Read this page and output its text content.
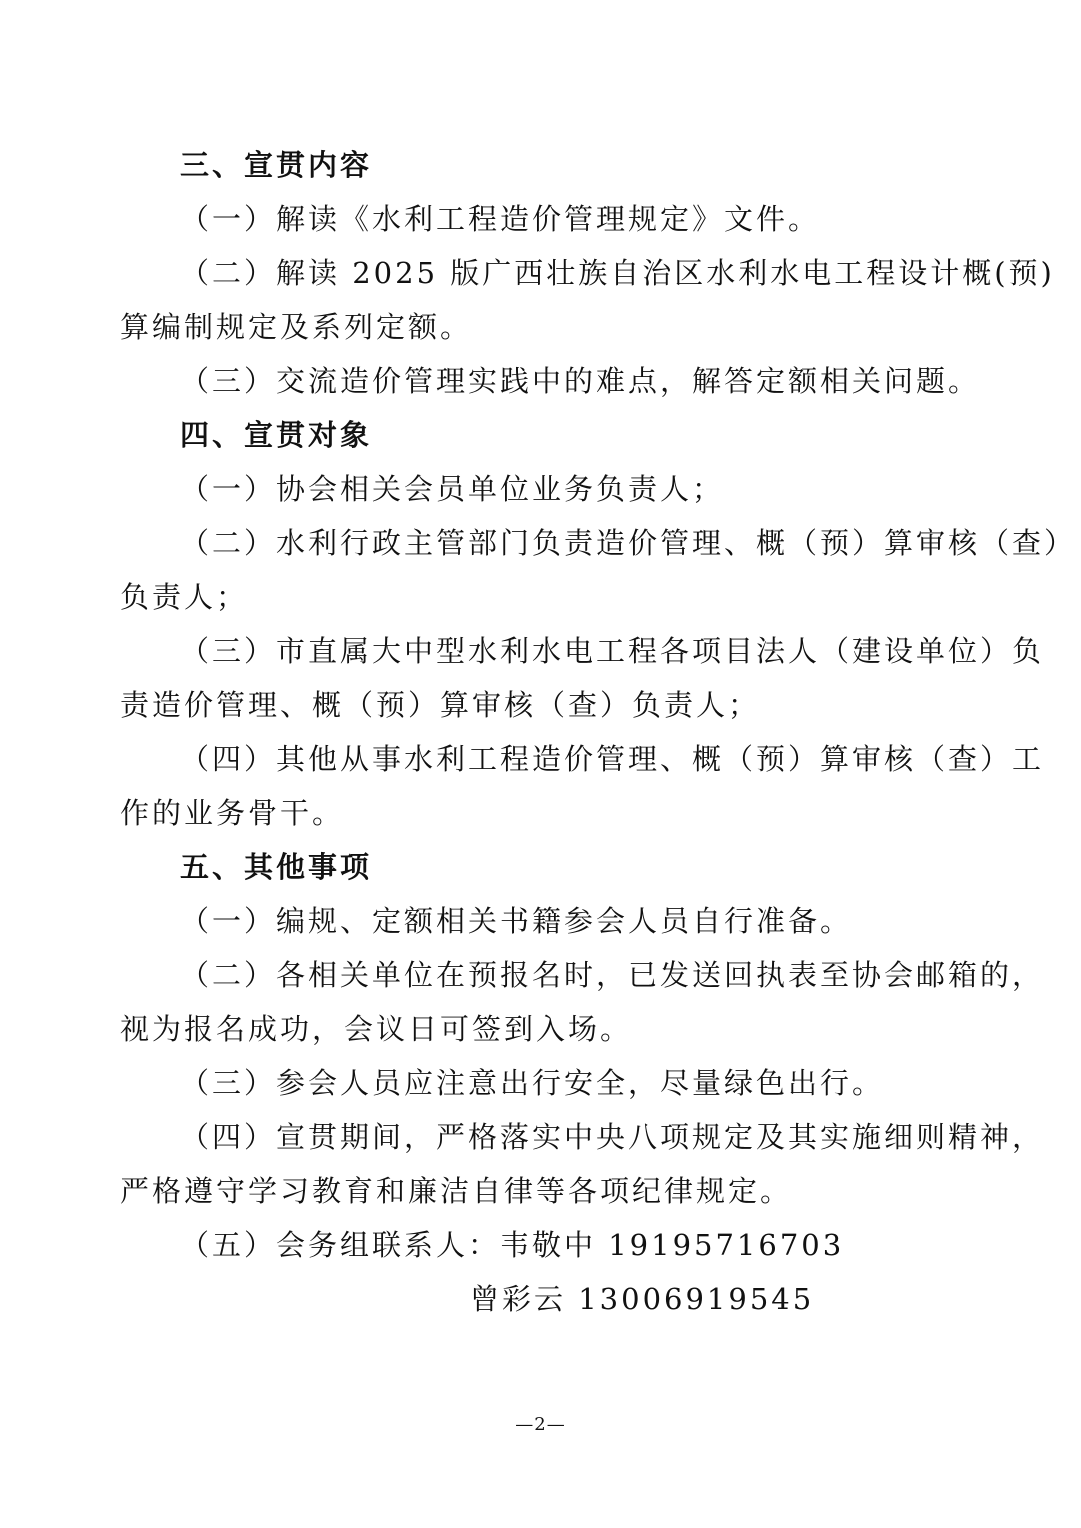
三、宣贯内容
（一）解读《水利工程造价管理规定》文件。
（二）解读 2025 版广西壮族自治区水利水电工程设计概(预)
算编制规定及系列定额。
（三）交流造价管理实践中的难点，解答定额相关问题。
四、宣贯对象
（一）协会相关会员单位业务负责人；
（二）水利行政主管部门负责造价管理、概（预）算审核（查）
负责人；
（三）市直属大中型水利水电工程各项目法人（建设单位）负
责造价管理、概（预）算审核（查）负责人；
（四）其他从事水利工程造价管理、概（预）算审核（查）工
作的业务骨干。
五、其他事项
（一）编规、定额相关书籍参会人员自行准备。
（二）各相关单位在预报名时，已发送回执表至协会邮箱的，
视为报名成功，会议日可签到入场。
（三）参会人员应注意出行安全，尽量绿色出行。
（四）宣贯期间，严格落实中央八项规定及其实施细则精神，
严格遵守学习教育和廉洁自律等各项纪律规定。
（五）会务组联系人：韦敬中 19195716703
曾彩云 13006919545
—2—
